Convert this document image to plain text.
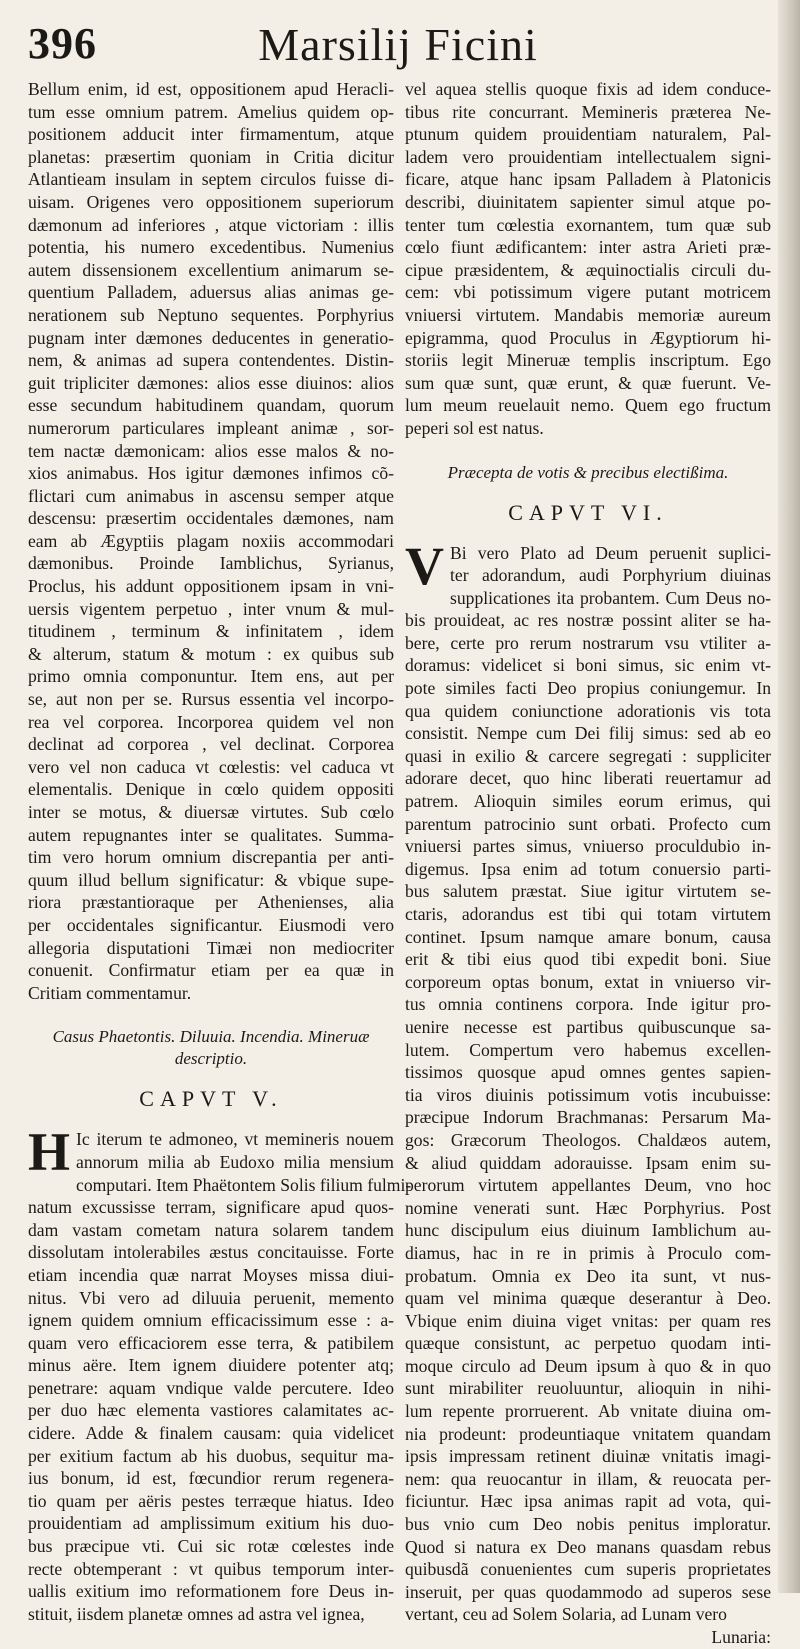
396	Marsilij Ficini
Bellum enim, id est, oppositionem apud Heracli-
tum esse omnium patrem. Amelius quidem op-
positionem adducit inter firmamentum, atque
planetas: præsertim quoniam in Critia dicitur
Atlantieam insulam in septem circulos fuisse di-
uisam. Origenes vero oppositionem superiorum
dæmonum ad inferiores , atque victoriam : illis
potentia, his numero excedentibus. Numenius
autem dissensionem excellentium animarum se-
quentium Palladem, aduersus alias animas ge-
nerationem sub Neptuno sequentes. Porphyrius
pugnam inter dæmones deducentes in generatio-
nem, & animas ad supera contendentes. Distin-
guit tripliciter dæmones: alios esse diuinos: alios
esse secundum habitudinem quandam, quorum
numerorum particulares impleant animæ , sor-
tem nactæ dæmonicam: alios esse malos & no-
xios animabus. Hos igitur dæmones infimos cõ-
flictari cum animabus in ascensu semper atque
descensu: præsertim occidentales dæmones, nam
eam ab Ægyptiis plagam noxiis accommodari
dæmonibus. Proinde Iamblichus, Syrianus,
Proclus, his addunt oppositionem ipsam in vni-
uersis vigentem perpetuo , inter vnum & mul-
titudinem , terminum & infinitatem , idem
& alterum, statum & motum : ex quibus sub
primo omnia componuntur. Item ens, aut per
se, aut non per se. Rursus essentia vel incorpo-
rea vel corporea. Incorporea quidem vel non
declinat ad corporea , vel declinat. Corporea
vero vel non caduca vt cœlestis: vel caduca vt
elementalis. Denique in cœlo quidem oppositi
inter se motus, & diuersæ virtutes. Sub cœlo
autem repugnantes inter se qualitates. Summa-
tim vero horum omnium discrepantia per anti-
quum illud bellum significatur: & vbique supe-
riora præstantioraque per Athenienses, alia
per occidentales significantur. Eiusmodi vero
allegoria disputationi Timæi non mediocriter
conuenit. Confirmatur etiam per ea quæ in
Critiam commentamur.
Casus Phaetontis. Diluuia. Incendia. Mineruæ
descriptio.
CAPVT V.
H Ic iterum te admoneo, vt memineris nouem
annorum milia ab Eudoxo milia mensium
computari. Item Phaëtontem Solis filium fulmi-
natum excussisse terram, significare apud quos-
dam vastam cometam natura solarem tandem
dissolutam intolerabiles æstus concitauisse. Forte
etiam incendia quæ narrat Moyses missa diui-
nitus. Vbi vero ad diluuia peruenit, memento
ignem quidem omnium efficacissimum esse : a-
quam vero efficaciorem esse terra, & patibilem
minus aëre. Item ignem diuidere potenter atq;
penetrare: aquam vndique valde percutere. Ideo
per duo hæc elementa vastiores calamitates ac-
cidere. Adde & finalem causam: quia videlicet
per exitium factum ab his duobus, sequitur ma-
ius bonum, id est, fœcundior rerum regenera-
tio quam per aëris pestes terræque hiatus. Ideo
prouidentiam ad amplissimum exitium his duo-
bus præcipue vti. Cui sic rotæ cœlestes inde
recte obtemperant : vt quibus temporum inter-
uallis exitium imo reformationem fore Deus in-
stituit, iisdem planetæ omnes ad astra vel ignea,
vel aquea stellis quoque fixis ad idem conduce-
tibus rite concurrant. Memineris præterea Ne-
ptunum quidem prouidentiam naturalem, Pal-
ladem vero prouidentiam intellectualem signi-
ficare, atque hanc ipsam Palladem à Platonicis
describi, diuinitatem sapienter simul atque po-
tenter tum cœlestia exornantem, tum quæ sub
cœlo fiunt ædificantem: inter astra Arieti præ-
cipue præsidentem, & æquinoctialis circuli du-
cem: vbi potissimum vigere putant motricem
vniuersi virtutem. Mandabis memoriæ aureum
epigramma, quod Proculus in Ægyptiorum hi-
storiis legit Mineruæ templis inscriptum. Ego
sum quæ sunt, quæ erunt, & quæ fuerunt. Ve-
lum meum reuelauit nemo. Quem ego fructum
peperi sol est natus.
Præcepta de votis & precibus electißima.
CAPVT VI.
V Bi vero Plato ad Deum peruenit suplici-
ter adorandum, audi Porphyrium diuinas
supplicationes ita probantem. Cum Deus no-
bis prouideat, ac res nostræ possint aliter se ha-
bere, certe pro rerum nostrarum vsu vtiliter a-
doramus: videlicet si boni simus, sic enim vt-
pote similes facti Deo propius coniungemur. In
qua quidem coniunctione adorationis vis tota
consistit. Nempe cum Dei filij simus: sed ab eo
quasi in exilio & carcere segregati : suppliciter
adorare decet, quo hinc liberati reuertamur ad
patrem. Alioquin similes eorum erimus, qui
parentum patrocinio sunt orbati. Profecto cum
vniuersi partes simus, vniuerso proculdubio in-
digemus. Ipsa enim ad totum conuersio parti-
bus salutem præstat. Siue igitur virtutem se-
ctaris, adorandus est tibi qui totam virtutem
continet. Ipsum namque amare bonum, causa
erit & tibi eius quod tibi expedit boni. Siue
corporeum optas bonum, extat in vniuerso vir-
tus omnia continens corpora. Inde igitur pro-
uenire necesse est partibus quibuscunque sa-
lutem. Compertum vero habemus excellen-
tissimos quosque apud omnes gentes sapien-
tia viros diuinis potissimum votis incubuisse:
præcipue Indorum Brachmanas: Persarum Ma-
gos: Græcorum Theologos. Chaldæos autem,
& aliud quiddam adorauisse. Ipsam enim su-
perorum virtutem appellantes Deum, vno hoc
nomine venerati sunt. Hæc Porphyrius. Post
hunc discipulum eius diuinum Iamblichum au-
diamus, hac in re in primis à Proculo com-
probatum. Omnia ex Deo ita sunt, vt nus-
quam vel minima quæque deserantur à Deo.
Vbique enim diuina viget vnitas: per quam res
quæque consistunt, ac perpetuo quodam inti-
moque circulo ad Deum ipsum à quo & in quo
sunt mirabiliter reuoluuntur, alioquin in nihi-
lum repente prorruerent. Ab vnitate diuina om-
nia prodeunt: prodeuntiaque vnitatem quandam
ipsis impressam retinent diuinæ vnitatis imagi-
nem: qua reuocantur in illam, & reuocata per-
ficiuntur. Hæc ipsa animas rapit ad vota, qui-
bus vnio cum Deo nobis penitus imploratur.
Quod si natura ex Deo manans quasdam rebus
quibusdã conuenientes cum superis proprietates
inseruit, per quas quodammodo ad superos sese
vertant, ceu ad Solem Solaria, ad Lunam vero
Lunaria:
